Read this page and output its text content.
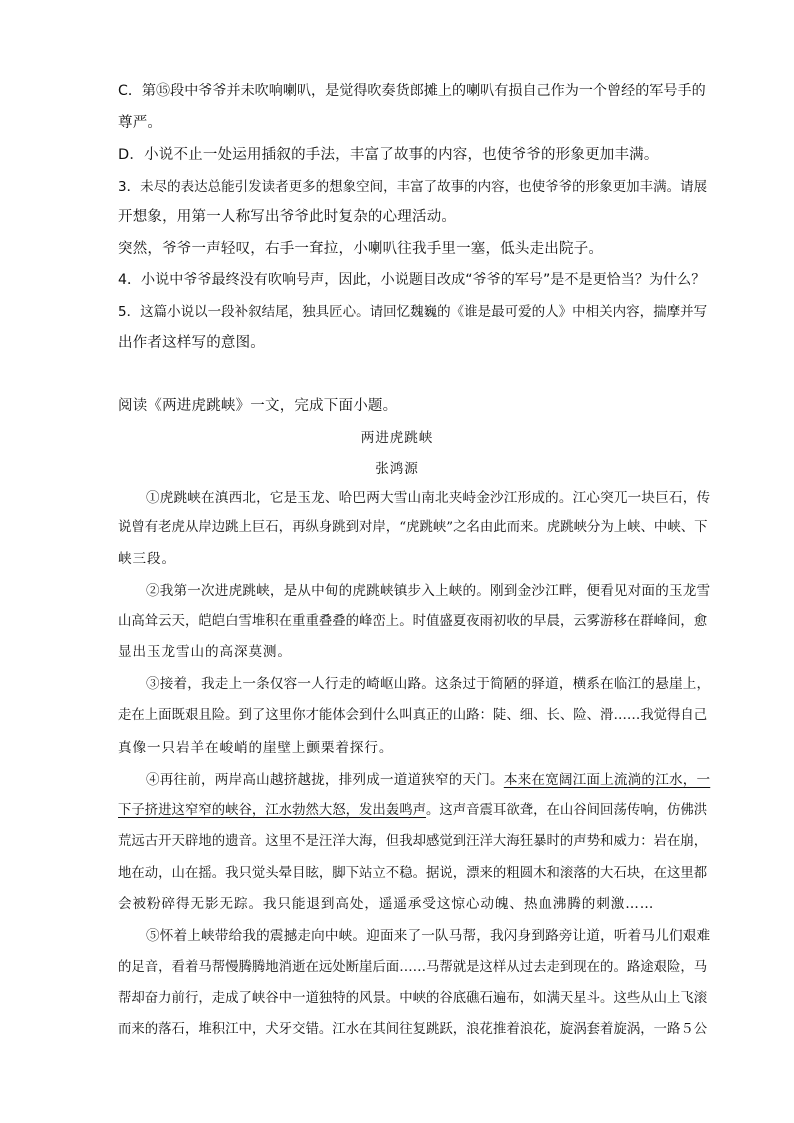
C．第⑮段中爷爷并未吹响喇叭，是觉得吹奏货郎摊上的喇叭有损自己作为一个曾经的军号手的
尊严。
D．小说不止一处运用插叙的手法，丰富了故事的内容，也使爷爷的形象更加丰满。
3．未尽的表达总能引发读者更多的想象空间，丰富了故事的内容，也使爷爷的形象更加丰满。请展
开想象，用第一人称写出爷爷此时复杂的心理活动。
突然，爷爷一声轻叹，右手一耷拉，小喇叭往我手里一塞，低头走出院子。
4．小说中爷爷最终没有吹响号声，因此，小说题目改成“爷爷的军号”是不是更恰当？为什么？
5．这篇小说以一段补叙结尾，独具匠心。请回忆魏巍的《谁是最可爱的人》中相关内容，揣摩并写
出作者这样写的意图。
阅读《两进虎跳峡》一文，完成下面小题。
两进虎跳峡
张鸿源
①虎跳峡在滇西北，它是玉龙、哈巴两大雪山南北夹峙金沙江形成的。江心突兀一块巨石，传
说曾有老虎从岸边跳上巨石，再纵身跳到对岸，“虎跳峡”之名由此而来。虎跳峡分为上峡、中峡、下
峡三段。
②我第一次进虎跳峡，是从中甸的虎跳峡镇步入上峡的。刚到金沙江畔，便看见对面的玉龙雪
山高耸云天，皑皑白雪堆积在重重叠叠的峰峦上。时值盛夏夜雨初收的早晨，云雾游移在群峰间，愈
显出玉龙雪山的高深莫测。
③接着，我走上一条仅容一人行走的崎岖山路。这条过于简陋的驿道，横系在临江的悬崖上，
走在上面既艰且险。到了这里你才能体会到什么叫真正的山路：陡、细、长、险、滑……我觉得自己
真像一只岩羊在峻峭的崖壁上颤栗着探行。
④再往前，两岸高山越挤越拢，排列成一道道狭窄的天门。本来在宽阔江面上流淌的江水，一
下子挤进这窄窄的峡谷，江水勃然大怒，发出轰鸣声。这声音震耳欲聋，在山谷间回荡传响，仿佛洪
荒远古开天辟地的遗音。这里不是汪洋大海，但我却感觉到汪洋大海狂暴时的声势和威力：岩在崩，
地在动，山在摇。我只觉头晕目眩，脚下站立不稳。据说，漂来的粗圆木和滚落的大石块，在这里都
会被粉碎得无影无踪。我只能退到高处，遥遥承受这惊心动魄、热血沸腾的刺激……
⑤怀着上峡带给我的震撼走向中峡。迎面来了一队马帮，我闪身到路旁让道，听着马儿们艰难
的足音，看着马帮慢腾腾地消逝在远处断崖后面……马帮就是这样从过去走到现在的。路途艰险，马
帮却奋力前行，走成了峡谷中一道独特的风景。中峡的谷底礁石遍布，如满天星斗。这些从山上飞滚
而来的落石，堆积江中，犬牙交错。江水在其间往复跳跃，浪花推着浪花，旋涡套着旋涡，一路５公
